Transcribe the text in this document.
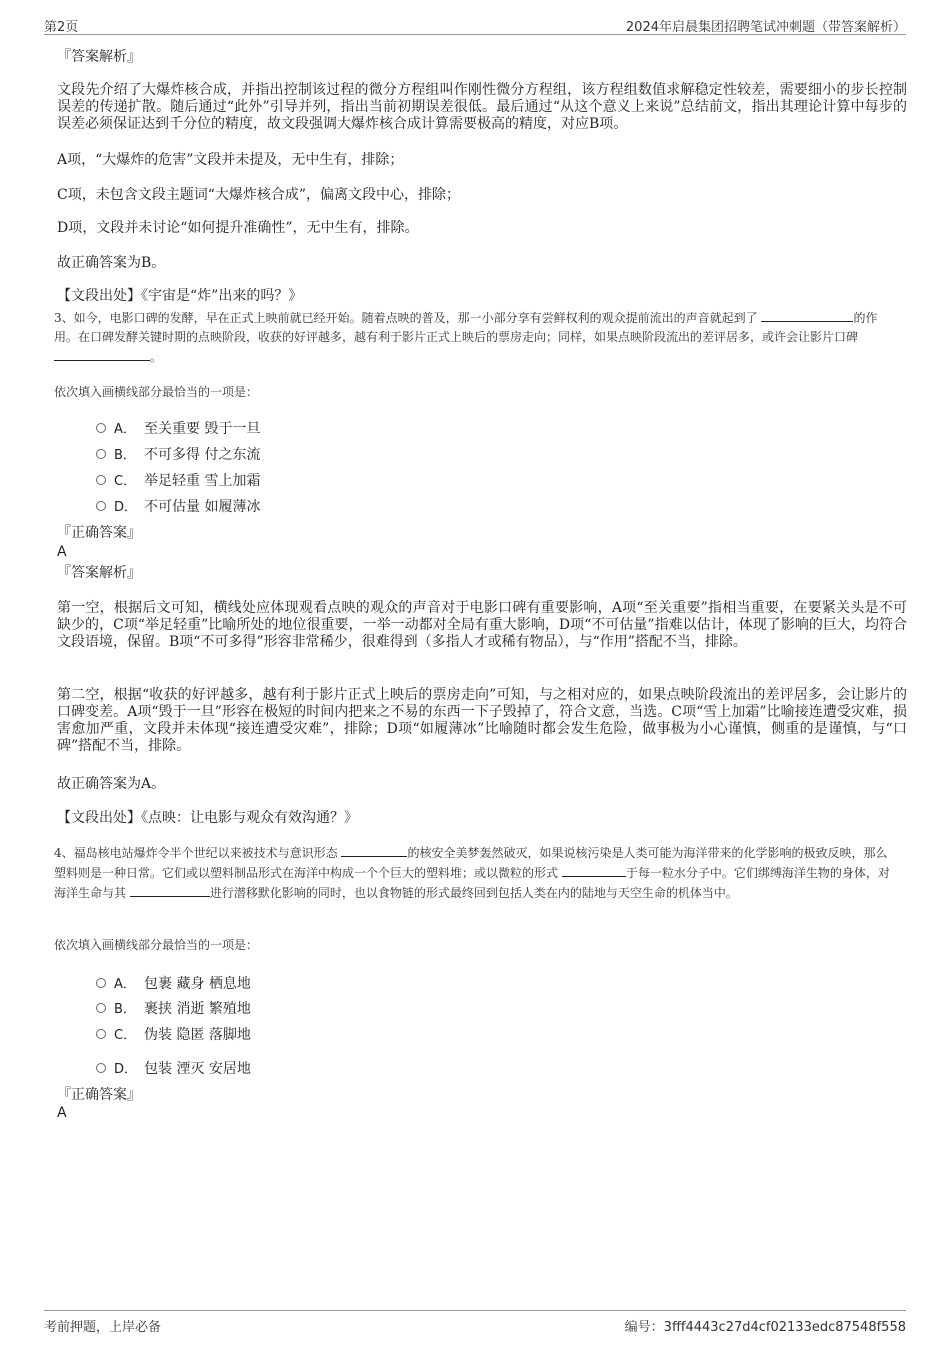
第2页	2024年启晨集团招聘笔试冲刺题（带答案解析）

『答案解析』

文段先介绍了大爆炸核合成，并指出控制该过程的微分方程组叫作刚性微分方程组，该方程组数值求解稳定性较差，需要细小的步长控制误差的传递扩散。随后通过“此外”引导并列，指出当前初期误差很低。最后通过“从这个意义上来说”总结前文，指出其理论计算中每步的误差必须保证达到千分位的精度，故文段强调大爆炸核合成计算需要极高的精度，对应B项。

A项，“大爆炸的危害”文段并未提及，无中生有，排除；

C项，未包含文段主题词“大爆炸核合成”，偏离文段中心，排除；

D项，文段并未讨论“如何提升准确性”，无中生有，排除。

故正确答案为B。

【文段出处】《宇宙是“炸”出来的吗？》

3、如今，电影口碑的发酵，早在正式上映前就已经开始。随着点映的普及，那一小部分享有尝鲜权利的观众提前流出的声音就起到了	的作用。在口碑发酵关键时期的点映阶段，收获的好评越多，越有利于影片正式上映后的票房走向；同样，如果点映阶段流出的差评居多，或许会让影片口碑 。

依次填入画横线部分最恰当的一项是：

A． 至关重要 毁于一旦
B． 不可多得 付之东流
C． 举足轻重 雪上加霜
D． 不可估量 如履薄冰

『正确答案』

A

『答案解析』

第一空，根据后文可知，横线处应体现观看点映的观众的声音对于电影口碑有重要影响，A项“至关重要”指相当重要，在要紧关头是不可缺少的，C项“举足轻重”比喻所处的地位很重要，一举一动都对全局有重大影响，D项“不可估量”指难以估计，体现了影响的巨大，均符合文段语境，保留。B项“不可多得”形容非常稀少，很难得到（多指人才或稀有物品），与“作用”搭配不当，排除。

第二空，根据“收获的好评越多，越有利于影片正式上映后的票房走向”可知，与之相对应的，如果点映阶段流出的差评居多，会让影片的口碑变差。A项“毁于一旦”形容在极短的时间内把来之不易的东西一下子毁掉了，符合文意，当选。C项“雪上加霜”比喻接连遭受灾难，损害愈加严重，文段并未体现“接连遭受灾难”，排除；D项“如履薄冰”比喻随时都会发生危险，做事极为小心谨慎，侧重的是谨慎，与“口碑”搭配不当，排除。

故正确答案为A。

【文段出处】《点映：让电影与观众有效沟通？》

4、福岛核电站爆炸令半个世纪以来被技术与意识形态	的核安全美梦轰然破灭，如果说核污染是人类可能为海洋带来的化学影响的极致反映，那么塑料则是一种日常。它们或以塑料制品形式在海洋中构成一个个巨大的塑料堆；或以微粒的形式	于每一粒水分子中。它们绑缚海洋生物的身体，对海洋生命与其	进行潜移默化影响的同时，也以食物链的形式最终回到包括人类在内的陆地与天空生命的机体当中。

依次填入画横线部分最恰当的一项是：

A． 包裹 藏身 栖息地
B． 裹挟 消逝 繁殖地
C． 伪装 隐匿 落脚地
D． 包装 湮灭 安居地

『正确答案』

A

考前押题，上岸必备	编号：3fff4443c27d4cf02133edc87548f558
